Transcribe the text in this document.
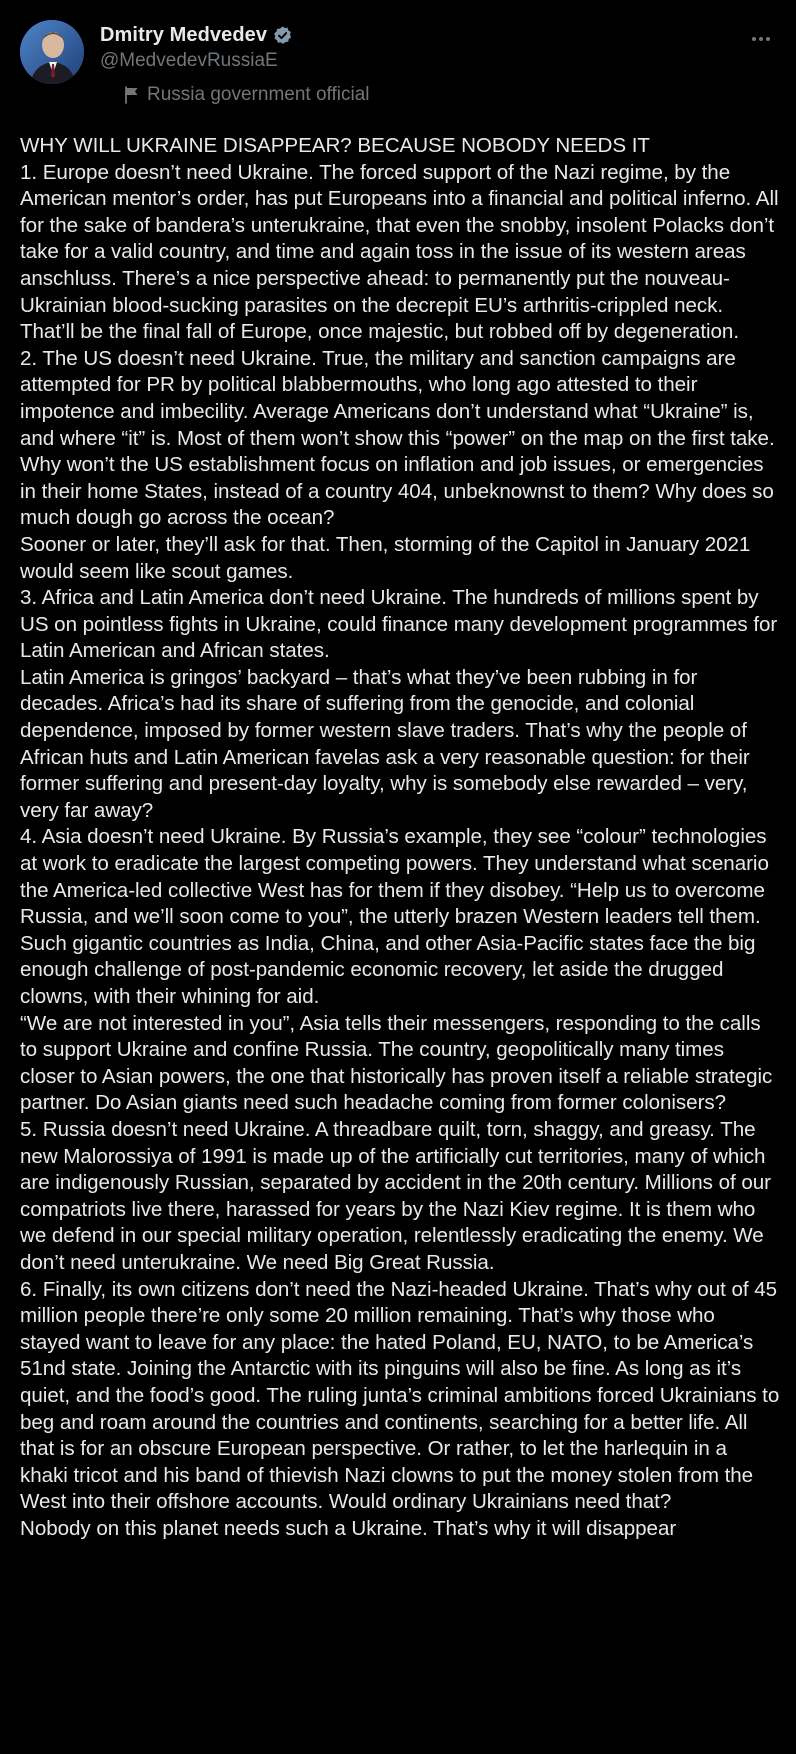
Dmitry Medvedev
@MedvedevRussiaE
Russia government official
WHY WILL UKRAINE DISAPPEAR? BECAUSE NOBODY NEEDS IT
1. Europe doesn’t need Ukraine. The forced support of the Nazi regime, by the American mentor’s order, has put Europeans into a financial and political inferno. All for the sake of bandera’s unterukraine, that even the snobby, insolent Polacks don’t take for a valid country, and time and again toss in the issue of its western areas anschluss. There’s a nice perspective ahead: to permanently put the nouveau-Ukrainian blood-sucking parasites on the decrepit EU’s arthritis-crippled neck. That’ll be the final fall of Europe, once majestic, but robbed off by degeneration.
2. The US doesn’t need Ukraine. True, the military and sanction campaigns are attempted for PR by political blabbermouths, who long ago attested to their impotence and imbecility. Average Americans don’t understand what “Ukraine” is, and where “it” is. Most of them won’t show this “power” on the map on the first take. Why won’t the US establishment focus on inflation and job issues, or emergencies in their home States, instead of a country 404, unbeknownst to them? Why does so much dough go across the ocean?
Sooner or later, they’ll ask for that. Then, storming of the Capitol in January 2021 would seem like scout games.
3. Africa and Latin America don’t need Ukraine. The hundreds of millions spent by US on pointless fights in Ukraine, could finance many development programmes for Latin American and African states.
Latin America is gringos’ backyard – that’s what they’ve been rubbing in for decades. Africa’s had its share of suffering from the genocide, and colonial dependence, imposed by former western slave traders. That’s why the people of African huts and Latin American favelas ask a very reasonable question: for their former suffering and present-day loyalty, why is somebody else rewarded – very, very far away?
4. Asia doesn’t need Ukraine. By Russia’s example, they see “colour” technologies at work to eradicate the largest competing powers. They understand what scenario the America-led collective West has for them if they disobey. “Help us to overcome Russia, and we’ll soon come to you”, the utterly brazen Western leaders tell them. Such gigantic countries as India, China, and other Asia-Pacific states face the big enough challenge of post-pandemic economic recovery, let aside the drugged clowns, with their whining for aid.
“We are not interested in you”, Asia tells their messengers, responding to the calls to support Ukraine and confine Russia. The country, geopolitically many times closer to Asian powers, the one that historically has proven itself a reliable strategic partner. Do Asian giants need such headache coming from former colonisers?
5. Russia doesn’t need Ukraine. A threadbare quilt, torn, shaggy, and greasy. The new Malorossiya of 1991 is made up of the artificially cut territories, many of which are indigenously Russian, separated by accident in the 20th century. Millions of our compatriots live there, harassed for years by the Nazi Kiev regime. It is them who we defend in our special military operation, relentlessly eradicating the enemy. We don’t need unterukraine. We need Big Great Russia.
6. Finally, its own citizens don’t need the Nazi-headed Ukraine. That’s why out of 45 million people there’re only some 20 million remaining. That’s why those who stayed want to leave for any place: the hated Poland, EU, NATO, to be America’s 51nd state. Joining the Antarctic with its pinguins will also be fine. As long as it’s quiet, and the food’s good. The ruling junta’s criminal ambitions forced Ukrainians to beg and roam around the countries and continents, searching for a better life. All that is for an obscure European perspective. Or rather, to let the harlequin in a khaki tricot and his band of thievish Nazi clowns to put the money stolen from the West into their offshore accounts. Would ordinary Ukrainians need that?
Nobody on this planet needs such a Ukraine. That’s why it will disappear
